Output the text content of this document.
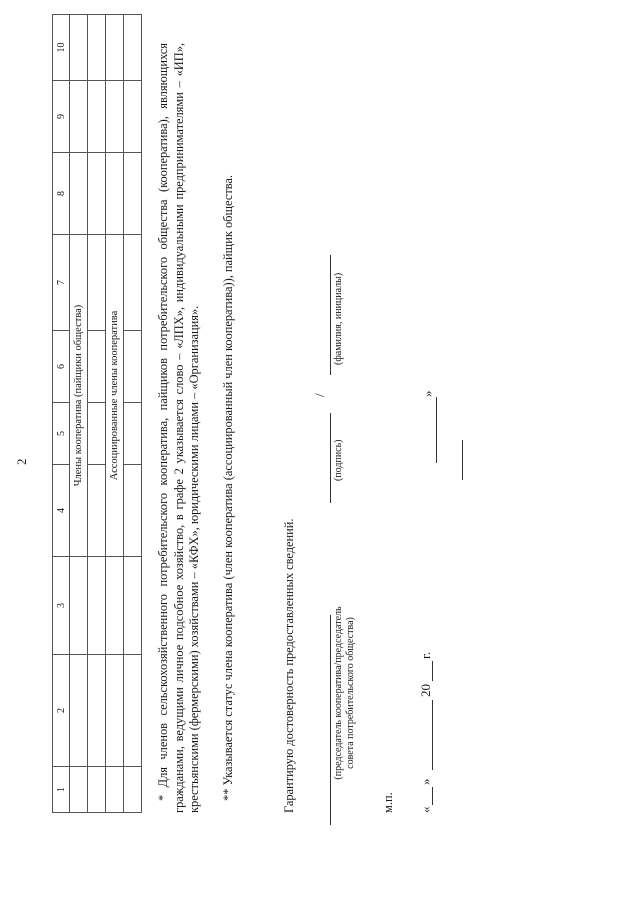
2
1	2	3	4	5	6	7	8	9	10
			Члены кооператива (пайщики общества)						

			Ассоциированные члены кооператива						
										* Для членов сельскохозяйственного потребительского кооператива, пайщиков потребительского общества (кооператива), являющихся гражданами, ведущими личное подсобное хозяйство, в графе 2 указывается слово – «ЛПХ», индивидуальными предпринимателями – «ИП», крестьянскими (фермерскими) хозяйствами – «КФХ», юридическими лицами – «Организация». ** Указывается статус члена кооператива (член кооператива (ассоциированный член кооператива)), пайщик общества.	Гарантирую достоверность предоставленных сведений.	(председатель кооператива/председатель совета потребительского общества)
(подпись)
/
(фамилия, инициалы)
м.п. «
»
20
г.
»
